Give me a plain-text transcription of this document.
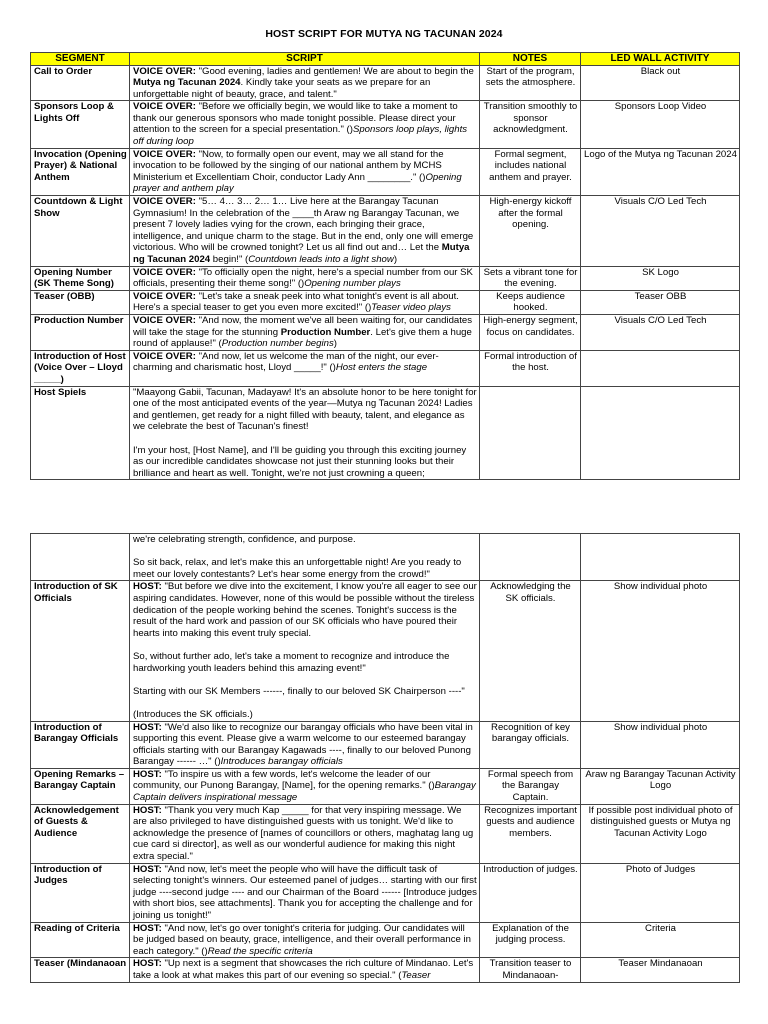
HOST SCRIPT FOR MUTYA NG TACUNAN 2024
SEGMENT	SCRIPT	NOTES	LED WALL ACTIVITY
Call to Order	VOICE OVER: "Good evening, ladies and gentlemen! We are about to begin the Mutya ng Tacunan 2024. Kindly take your seats as we prepare for an unforgettable night of beauty, grace, and talent."	Start of the program, sets the atmosphere.	Black out
Sponsors Loop & Lights Off	VOICE OVER: "Before we officially begin, we would like to take a moment to thank our generous sponsors who made tonight possible. Please direct your attention to the screen for a special presentation." ()Sponsors loop plays, lights off during loop	Transition smoothly to sponsor acknowledgment.	Sponsors Loop Video
Invocation (Opening Prayer) & National Anthem	VOICE OVER: "Now, to formally open our event, may we all stand for the invocation to be followed by the singing of our national anthem by MCHS Ministerium et Excellentiam Choir, conductor Lady Ann ________." ()Opening prayer and anthem play	Formal segment, includes national anthem and prayer.	Logo of the Mutya ng Tacunan 2024
Countdown & Light Show	VOICE OVER: "5… 4… 3… 2… 1… Live here at the Barangay Tacunan Gymnasium! In the celebration of the ____th Araw ng Barangay Tacunan, we present 7 lovely ladies vying for the crown, each bringing their grace, intelligence, and unique charm to the stage. But in the end, only one will emerge victorious. Who will be crowned tonight? Let us all find out and… Let the Mutya ng Tacunan 2024 begin!" (Countdown leads into a light show)	High-energy kickoff after the formal opening.	Visuals C/O Led Tech
Opening Number (SK Theme Song)	VOICE OVER: "To officially open the night, here's a special number from our SK officials, presenting their theme song!" ()Opening number plays	Sets a vibrant tone for the evening.	SK Logo
Teaser (OBB)	VOICE OVER: "Let's take a sneak peek into what tonight's event is all about. Here's a special teaser to get you even more excited!" ()Teaser video plays	Keeps audience hooked.	Teaser OBB
Production Number	VOICE OVER: "And now, the moment we've all been waiting for, our candidates will take the stage for the stunning Production Number. Let's give them a huge round of applause!" (Production number begins)	High-energy segment, focus on candidates.	Visuals C/O Led Tech
Introduction of Host (Voice Over – Lloyd _____)	VOICE OVER: "And now, let us welcome the man of the night, our ever-charming and charismatic host, Lloyd _____!" ()Host enters the stage	Formal introduction of the host.	
Host Spiels	"Maayong Gabii, Tacunan, Madayaw! It's an absolute honor to be here tonight for one of the most anticipated events of the year—Mutya ng Tacunan 2024! Ladies and gentlemen, get ready for a night filled with beauty, talent, and elegance as we celebrate the best of Tacunan's finest!

I'm your host, [Host Name], and I'll be guiding you through this exciting journey as our incredible candidates showcase not just their stunning looks but their brilliance and heart as well. Tonight, we're not just crowning a queen;		

	we're celebrating strength, confidence, and purpose.

So sit back, relax, and let's make this an unforgettable night! Are you ready to meet our lovely contestants? Let's hear some energy from the crowd!"		

Introduction of SK Officials	HOST: "But before we dive into the excitement, I know you're all eager to see our aspiring candidates. However, none of this would be possible without the tireless dedication of the people working behind the scenes. Tonight's success is the result of the hard work and passion of our SK officials who have poured their hearts into making this event truly special.

So, without further ado, let's take a moment to recognize and introduce the hardworking youth leaders behind this amazing event!"

Starting with our SK Members ------, finally to our beloved SK Chairperson ----"

(Introduces the SK officials.)	Acknowledging the SK officials.	Show individual photo
Introduction of Barangay Officials	HOST: "We'd also like to recognize our barangay officials who have been vital in supporting this event. Please give a warm welcome to our esteemed barangay officials starting with our Barangay Kagawads ----, finally to our beloved Punong Barangay ------ …" ()Introduces barangay officials	Recognition of key barangay officials.	Show individual photo
Opening Remarks – Barangay Captain	HOST: "To inspire us with a few words, let's welcome the leader of our community, our Punong Barangay, [Name], for the opening remarks." ()Barangay Captain delivers inspirational message	Formal speech from the Barangay Captain.	Araw ng Barangay Tacunan Activity Logo
Acknowledgement of Guests & Audience	HOST: "Thank you very much Kap _____ for that very inspiring message. We are also privileged to have distinguished guests with us tonight. We'd like to acknowledge the presence of [names of councillors or others, maghatag lang ug cue card si director], as well as our wonderful audience for making this night extra special."	Recognizes important guests and audience members.	If possible post individual photo of distinguished guests or Mutya ng Tacunan Activity Logo
Introduction of Judges	HOST: "And now, let's meet the people who will have the difficult task of selecting tonight's winners. Our esteemed panel of judges… starting with our first judge ----second judge ---- and our Chairman of the Board ------ [Introduce judges with short bios, see attachments]. Thank you for accepting the challenge and for joining us tonight!"	Introduction of judges.	Photo of Judges
Reading of Criteria	HOST: "And now, let's go over tonight's criteria for judging. Our candidates will be judged based on beauty, grace, intelligence, and their overall performance in each category." ()Read the specific criteria	Explanation of the judging process.	Criteria
Teaser (Mindanaoan	HOST: "Up next is a segment that showcases the rich culture of Mindanao. Let's take a look at what makes this part of our evening so special." (Teaser	Transition teaser to Mindanaoan-	Teaser Mindanaoan
